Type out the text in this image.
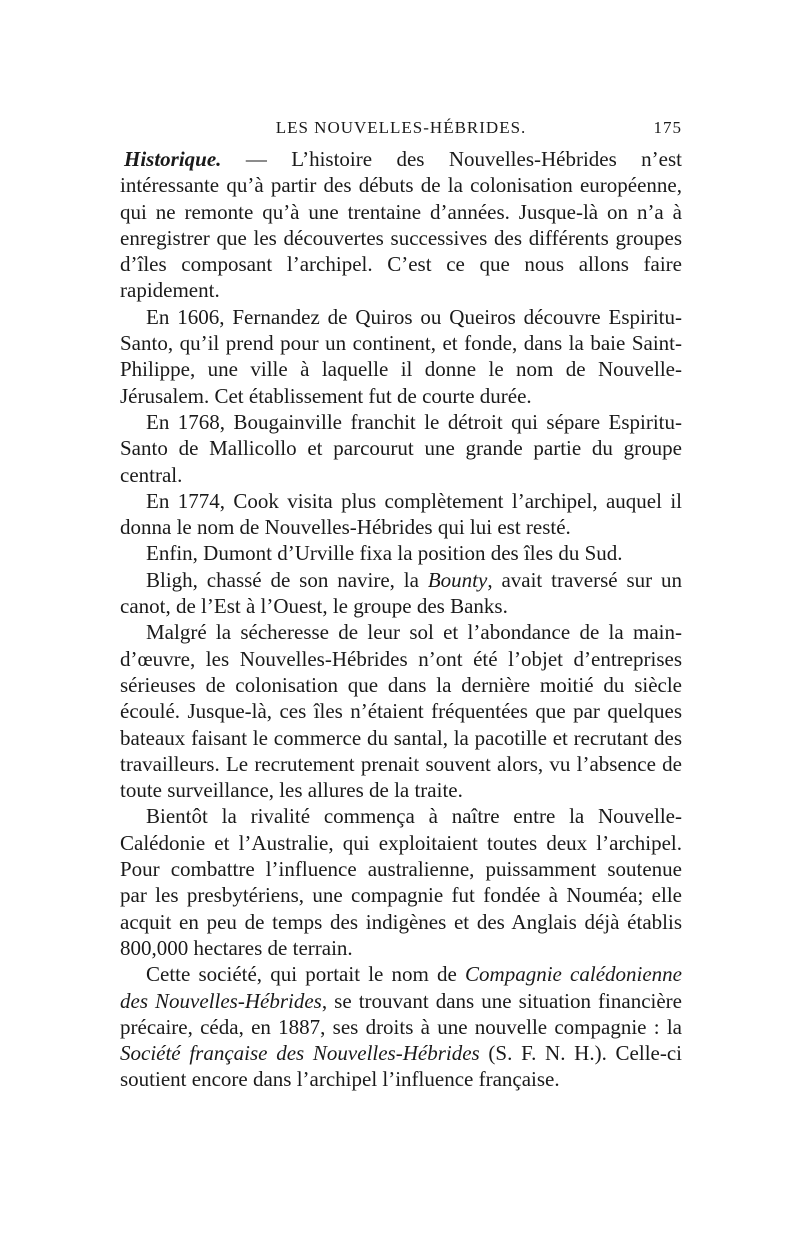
LES NOUVELLES-HÉBRIDES.	175

Historique. — L’histoire des Nouvelles-Hébrides n’est intéressante qu’à partir des débuts de la colonisation européenne, qui ne remonte qu’à une trentaine d’années. Jusque-là on n’a à enregistrer que les découvertes successives des différents groupes d’îles composant l’archipel. C’est ce que nous allons faire rapidement.

En 1606, Fernandez de Quiros ou Queiros découvre Espiritu-Santo, qu’il prend pour un continent, et fonde, dans la baie Saint-Philippe, une ville à laquelle il donne le nom de Nouvelle-Jérusalem. Cet établissement fut de courte durée.

En 1768, Bougainville franchit le détroit qui sépare Espiritu-Santo de Mallicollo et parcourut une grande partie du groupe central.

En 1774, Cook visita plus complètement l’archipel, auquel il donna le nom de Nouvelles-Hébrides qui lui est resté.

Enfin, Dumont d’Urville fixa la position des îles du Sud.

Bligh, chassé de son navire, la Bounty, avait traversé sur un canot, de l’Est à l’Ouest, le groupe des Banks.

Malgré la sécheresse de leur sol et l’abondance de la main-d’œuvre, les Nouvelles-Hébrides n’ont été l’objet d’entreprises sérieuses de colonisation que dans la dernière moitié du siècle écoulé. Jusque-là, ces îles n’étaient fréquentées que par quelques bateaux faisant le commerce du santal, la pacotille et recrutant des travailleurs. Le recrutement prenait souvent alors, vu l’absence de toute surveillance, les allures de la traite.

Bientôt la rivalité commença à naître entre la Nouvelle-Calédonie et l’Australie, qui exploitaient toutes deux l’archipel. Pour combattre l’influence australienne, puissamment soutenue par les presbytériens, une compagnie fut fondée à Nouméa; elle acquit en peu de temps des indigènes et des Anglais déjà établis 800,000 hectares de terrain.

Cette société, qui portait le nom de Compagnie calédonienne des Nouvelles-Hébrides, se trouvant dans une situation financière précaire, céda, en 1887, ses droits à une nouvelle compagnie : la Société française des Nouvelles-Hébrides (S. F. N. H.). Celle-ci soutient encore dans l’archipel l’influence française.
